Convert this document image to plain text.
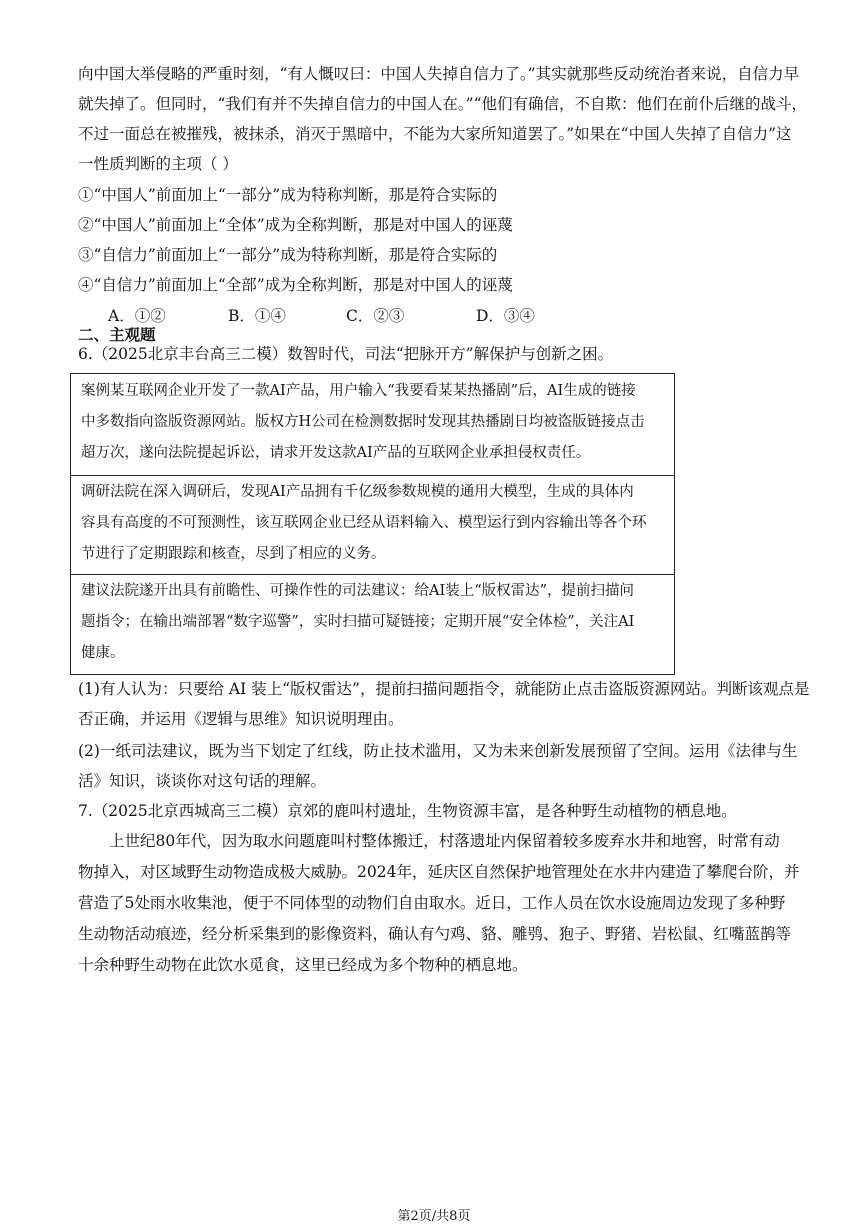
向中国大举侵略的严重时刻，“有人慨叹曰：中国人失掉自信力了。”其实就那些反动统治者来说，自信力早
就失掉了。但同时，“我们有并不失掉自信力的中国人在。”“他们有确信，不自欺：他们在前仆后继的战斗，
不过一面总在被摧残，被抹杀，消灭于黑暗中，不能为大家所知道罢了。”如果在“中国人失掉了自信力”这
一性质判断的主项（ ）
①“中国人”前面加上“一部分”成为特称判断，那是符合实际的
②“中国人”前面加上“全体”成为全称判断，那是对中国人的诬蔑
③“自信力”前面加上“一部分”成为特称判断，那是符合实际的
④“自信力”前面加上“全部”成为全称判断，那是对中国人的诬蔑
A．①②	B．①④	C．②③	D．③④
二、主观题
6.（2025北京丰台高三二模）数智时代，司法“把脉开方”解保护与创新之困。
案例某互联网企业开发了一款AI产品，用户输入“我要看某某热播剧”后，AI生成的链接
中多数指向盗版资源网站。版权方H公司在检测数据时发现其热播剧日均被盗版链接点击
超万次，遂向法院提起诉讼，请求开发这款AI产品的互联网企业承担侵权责任。
调研法院在深入调研后，发现AI产品拥有千亿级参数规模的通用大模型，生成的具体内
容具有高度的不可预测性，该互联网企业已经从语料输入、模型运行到内容输出等各个环
节进行了定期跟踪和核查，尽到了相应的义务。
建议法院遂开出具有前瞻性、可操作性的司法建议：给AI装上“版权雷达”，提前扫描问
题指令；在输出端部署“数字巡警”，实时扫描可疑链接；定期开展“安全体检”，关注AI
健康。
(1)有人认为：只要给 AI 装上“版权雷达”，提前扫描问题指令，就能防止点击盗版资源网站。判断该观点是
否正确，并运用《逻辑与思维》知识说明理由。
(2)一纸司法建议，既为当下划定了红线，防止技术滥用，又为未来创新发展预留了空间。运用《法律与生
活》知识，谈谈你对这句话的理解。
7.（2025北京西城高三二模）京郊的鹿叫村遗址，生物资源丰富，是各种野生动植物的栖息地。
上世纪80年代，因为取水问题鹿叫村整体搬迁，村落遗址内保留着较多废弃水井和地窖，时常有动
物掉入，对区域野生动物造成极大威胁。2024年，延庆区自然保护地管理处在水井内建造了攀爬台阶，并
营造了5处雨水收集池，便于不同体型的动物们自由取水。近日，工作人员在饮水设施周边发现了多种野
生动物活动痕迹，经分析采集到的影像资料，确认有勺鸡、貉、雕鸮、狍子、野猪、岩松鼠、红嘴蓝鹊等
十余种野生动物在此饮水觅食，这里已经成为多个物种的栖息地。
第2页/共8页
